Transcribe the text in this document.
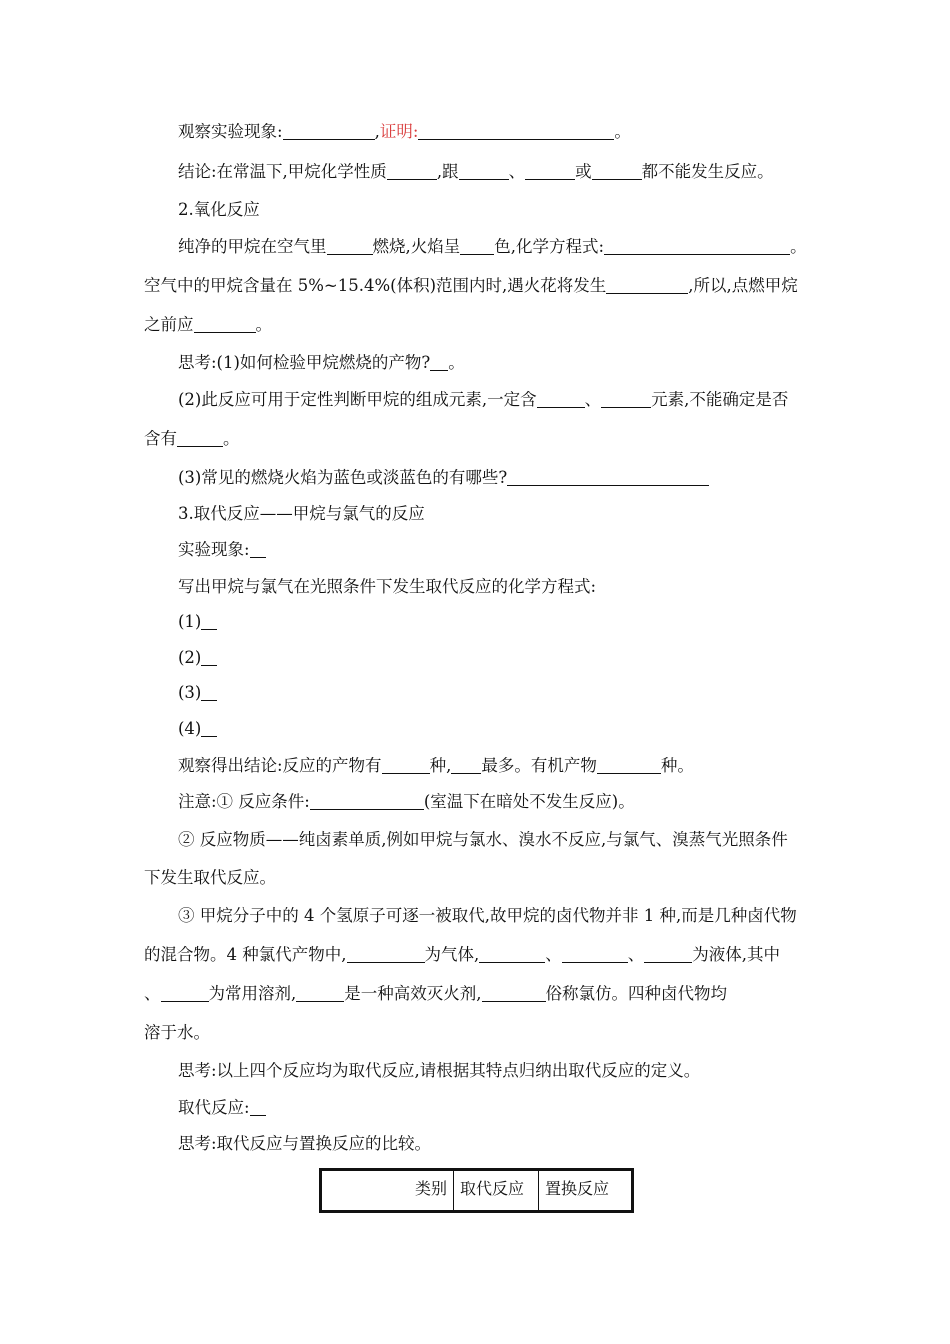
观察实验现象:	,证明:	。
结论:在常温下,甲烷化学性质	,跟	、	或	都不能发生反应。
2.氧化反应
纯净的甲烷在空气里	燃烧,火焰呈 色,化学方程式:	。
空气中的甲烷含量在 5%~15.4%(体积)范围内时,遇火花将发生	,所以,点燃甲烷
之前应	。
思考:(1)如何检验甲烷燃烧的产物? 。
(2)此反应可用于定性判断甲烷的组成元素,一定含	、	元素,不能确定是否
含有	。
(3)常见的燃烧火焰为蓝色或淡蓝色的有哪些?
3.取代反应——甲烷与氯气的反应
实验现象:
写出甲烷与氯气在光照条件下发生取代反应的化学方程式:
(1)
(2)
(3)
(4)
观察得出结论:反应的产物有	种, 最多。有机产物	种。
注意:① 反应条件:	(室温下在暗处不发生反应)。
② 反应物质——纯卤素单质,例如甲烷与氯水、溴水不反应,与氯气、溴蒸气光照条件
下发生取代反应。
③ 甲烷分子中的 4 个氢原子可逐一被取代,故甲烷的卤代物并非 1 种,而是几种卤代物
的混合物。4 种氯代产物中,	为气体,	、	、	为液体,其中
、	为常用溶剂,	是一种高效灭火剂,	俗称氯仿。四种卤代物均
溶于水。
思考:以上四个反应均为取代反应,请根据其特点归纳出取代反应的定义。
取代反应:
思考:取代反应与置换反应的比较。
类别	取代反应	置换反应
